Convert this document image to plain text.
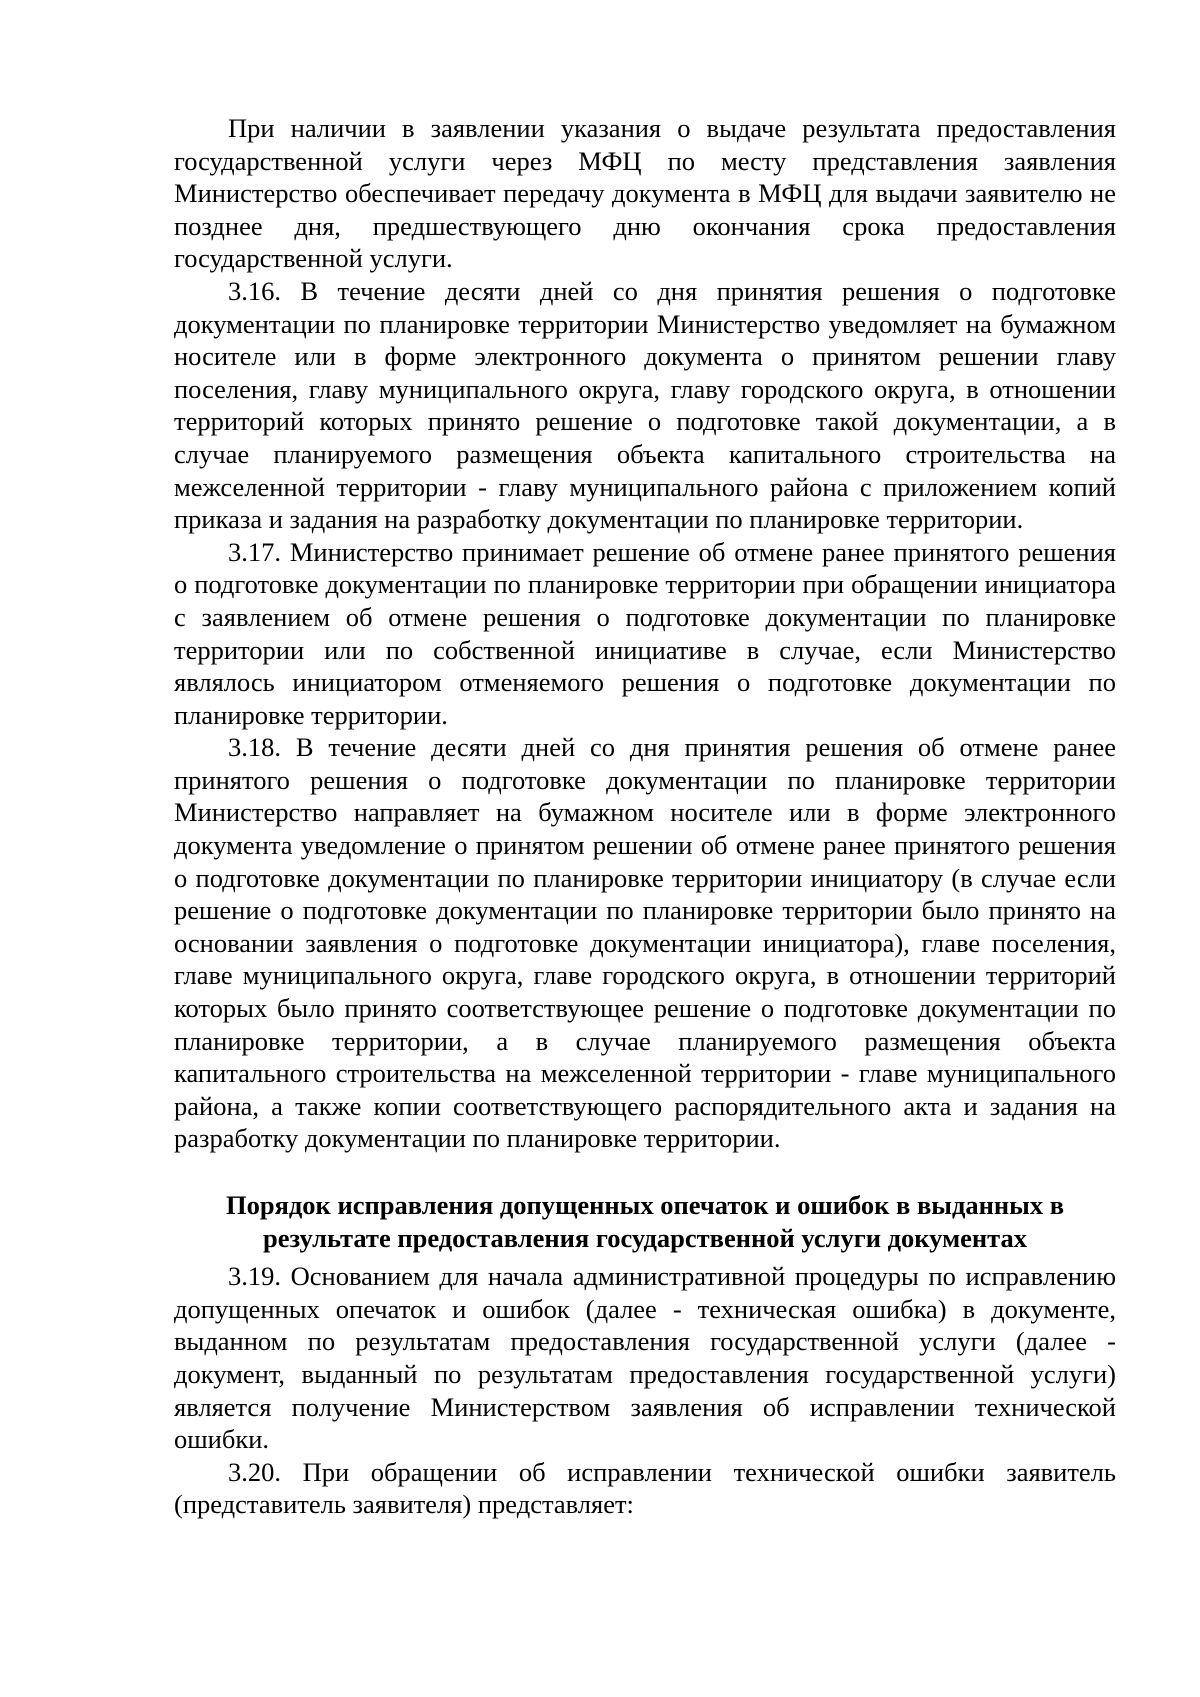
При наличии в заявлении указания о выдаче результата предоставления государственной услуги через МФЦ по месту представления заявления Министерство обеспечивает передачу документа в МФЦ для выдачи заявителю не позднее дня, предшествующего дню окончания срока предоставления государственной услуги.

3.16. В течение десяти дней со дня принятия решения о подготовке документации по планировке территории Министерство уведомляет на бумажном носителе или в форме электронного документа о принятом решении главу поселения, главу муниципального округа, главу городского округа, в отношении территорий которых принято решение о подготовке такой документации, а в случае планируемого размещения объекта капитального строительства на межселенной территории - главу муниципального района с приложением копий приказа и задания на разработку документации по планировке территории.

3.17. Министерство принимает решение об отмене ранее принятого решения о подготовке документации по планировке территории при обращении инициатора с заявлением об отмене решения о подготовке документации по планировке территории или по собственной инициативе в случае, если Министерство являлось инициатором отменяемого решения о подготовке документации по планировке территории.

3.18. В течение десяти дней со дня принятия решения об отмене ранее принятого решения о подготовке документации по планировке территории Министерство направляет на бумажном носителе или в форме электронного документа уведомление о принятом решении об отмене ранее принятого решения о подготовке документации по планировке территории инициатору (в случае если решение о подготовке документации по планировке территории было принято на основании заявления о подготовке документации инициатора), главе поселения, главе муниципального округа, главе городского округа, в отношении территорий которых было принято соответствующее решение о подготовке документации по планировке территории, а в случае планируемого размещения объекта капитального строительства на межселенной территории - главе муниципального района, а также копии соответствующего распорядительного акта и задания на разработку документации по планировке территории.

Порядок исправления допущенных опечаток и ошибок в выданных в

результате предоставления государственной услуги документах

3.19. Основанием для начала административной процедуры по исправлению допущенных опечаток и ошибок (далее - техническая ошибка) в документе, выданном по результатам предоставления государственной услуги (далее - документ, выданный по результатам предоставления государственной услуги) является получение Министерством заявления об исправлении технической ошибки.

3.20. При обращении об исправлении технической ошибки заявитель (представитель заявителя) представляет:
